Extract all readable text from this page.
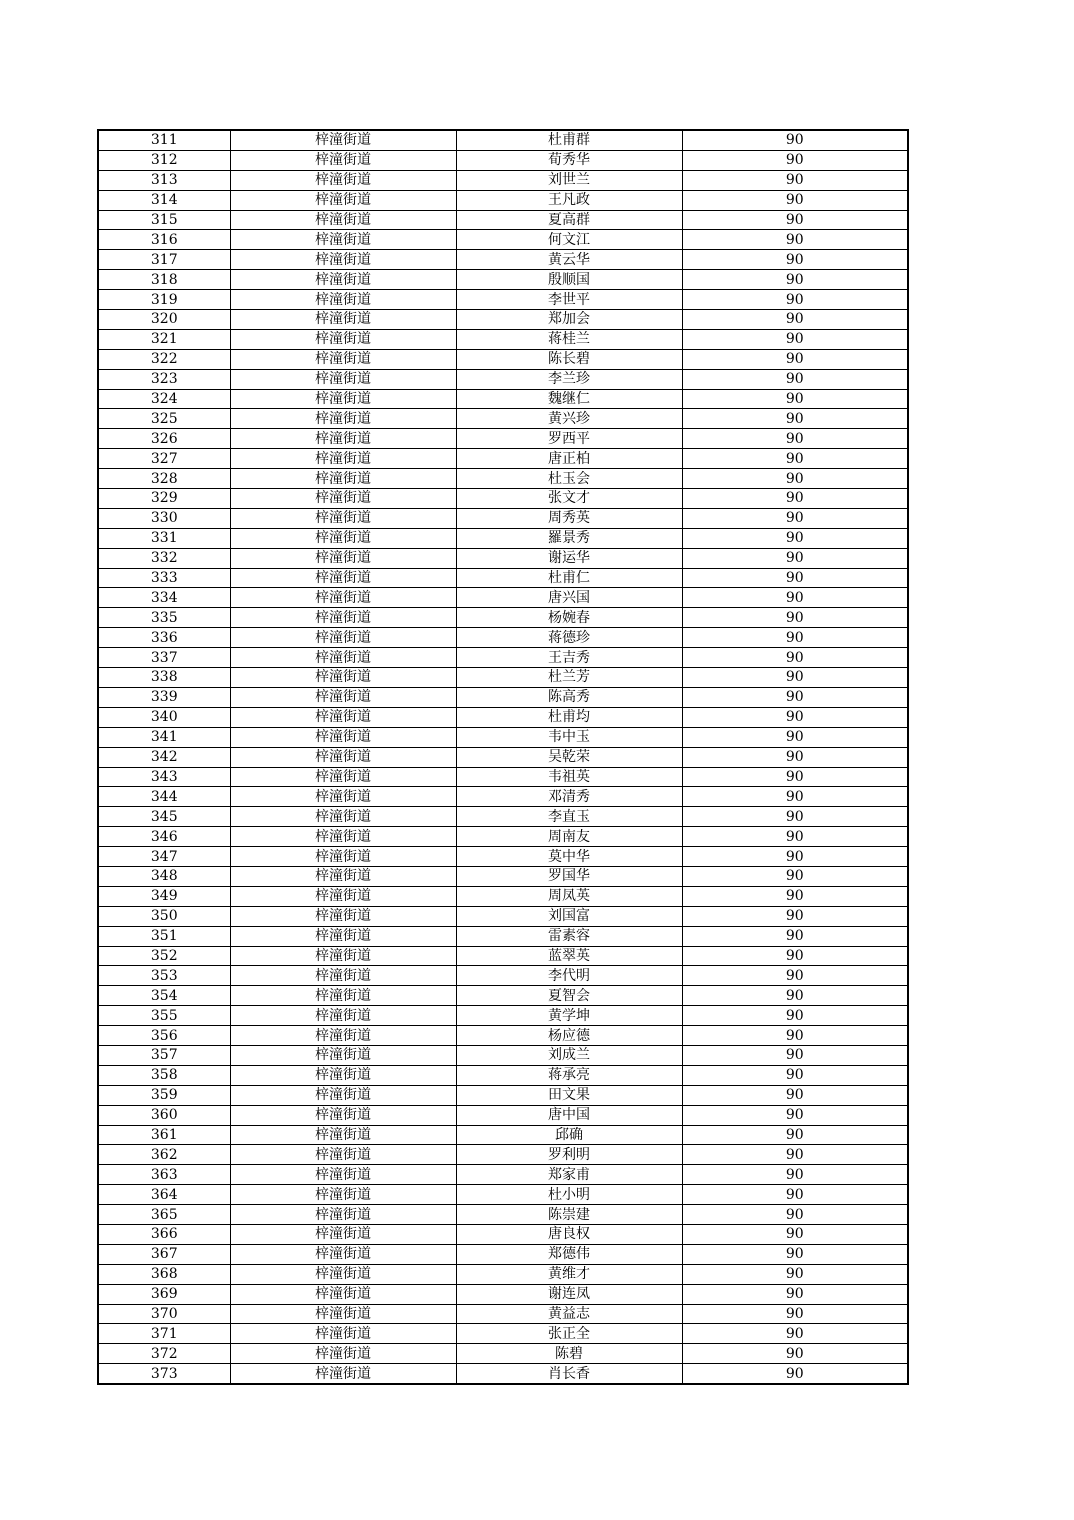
311	梓潼街道	杜甫群	90
312	梓潼街道	荀秀华	90
313	梓潼街道	刘世兰	90
314	梓潼街道	王凡政	90
315	梓潼街道	夏高群	90
316	梓潼街道	何文江	90
317	梓潼街道	黄云华	90
318	梓潼街道	殷顺国	90
319	梓潼街道	李世平	90
320	梓潼街道	郑加会	90
321	梓潼街道	蒋桂兰	90
322	梓潼街道	陈长碧	90
323	梓潼街道	李兰珍	90
324	梓潼街道	魏继仁	90
325	梓潼街道	黄兴珍	90
326	梓潼街道	罗西平	90
327	梓潼街道	唐正柏	90
328	梓潼街道	杜玉会	90
329	梓潼街道	张文才	90
330	梓潼街道	周秀英	90
331	梓潼街道	羅景秀	90
332	梓潼街道	谢运华	90
333	梓潼街道	杜甫仁	90
334	梓潼街道	唐兴国	90
335	梓潼街道	杨婉春	90
336	梓潼街道	蒋德珍	90
337	梓潼街道	王吉秀	90
338	梓潼街道	杜兰芳	90
339	梓潼街道	陈高秀	90
340	梓潼街道	杜甫均	90
341	梓潼街道	韦中玉	90
342	梓潼街道	吴乾荣	90
343	梓潼街道	韦祖英	90
344	梓潼街道	邓清秀	90
345	梓潼街道	李直玉	90
346	梓潼街道	周南友	90
347	梓潼街道	莫中华	90
348	梓潼街道	罗国华	90
349	梓潼街道	周凤英	90
350	梓潼街道	刘国富	90
351	梓潼街道	雷素容	90
352	梓潼街道	蓝翠英	90
353	梓潼街道	李代明	90
354	梓潼街道	夏智会	90
355	梓潼街道	黄学坤	90
356	梓潼街道	杨应德	90
357	梓潼街道	刘成兰	90
358	梓潼街道	蒋承亮	90
359	梓潼街道	田文果	90
360	梓潼街道	唐中国	90
361	梓潼街道	邱确	90
362	梓潼街道	罗利明	90
363	梓潼街道	郑家甫	90
364	梓潼街道	杜小明	90
365	梓潼街道	陈崇建	90
366	梓潼街道	唐良权	90
367	梓潼街道	郑德伟	90
368	梓潼街道	黄维才	90
369	梓潼街道	谢连凤	90
370	梓潼街道	黄益志	90
371	梓潼街道	张正全	90
372	梓潼街道	陈碧	90
373	梓潼街道	肖长香	90
